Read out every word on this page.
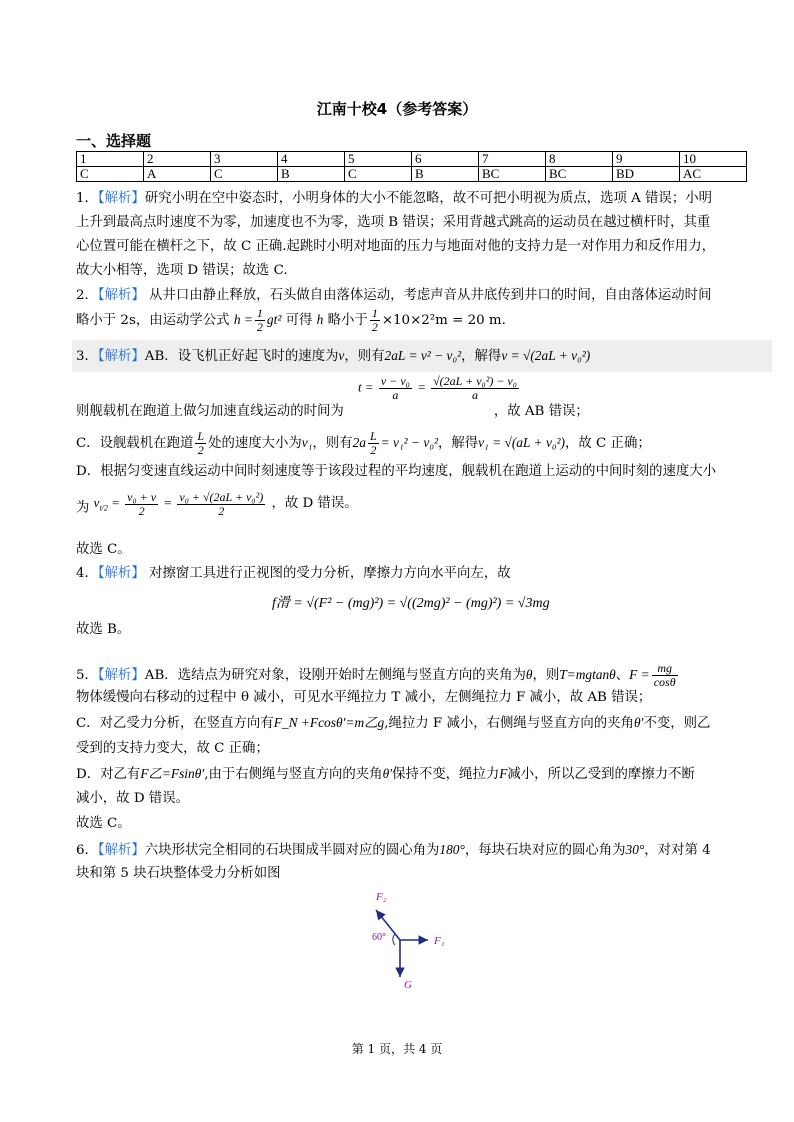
江南十校4（参考答案）
一、选择题
1	2	3	4	5	6	7	8	9	10
C	A	C	B	C	B	BC	BC	BD	AC
1．【解析】研究小明在空中姿态时，小明身体的大小不能忽略，故不可把小明视为质点，选项 A 错误；小明
上升到最高点时速度不为零，加速度也不为零，选项 B 错误；采用背越式跳高的运动员在越过横杆时，其重
心位置可能在横杆之下，故 C 正确.起跳时小明对地面的压力与地面对他的支持力是一对作用力和反作用力，
故大小相等，选项 D 错误；故选 C.
2．【解析】 从井口由静止释放，石头做自由落体运动，考虑声音从井底传到井口的时间，自由落体运动时间
略小于 2s，由运动学公式 $h = \frac{1}{2} gt^2$ 可得 h 略小于 $\frac{1}{2} \times 10\times 2^2m = 20$ m.
3．【解析】AB．设飞机正好起飞时的速度为v，则有2aL = v² − v₀²，解得v = √(2aL + v₀²)
$t = \frac{\text{v − v₀}}{a} = \frac{\text{√(2aL + v₀²) − v₀}}{a}$
则舰载机在跑道上做匀加速直线运动的时间为	，故 AB 错误；
C．设舰载机在跑道 $\frac{L}{2}$ 处的速度大小为v₁，则有$2a \frac{L}{2} = v_1^2 - v_0^2$，解得v₁ = √(aL + v₀²)，故 C 正确；
D．根据匀变速直线运动中间时刻速度等于该段过程的平均速度，舰载机在跑道上运动的中间时刻的速度大小
为 $v_{t/2} = \frac{\text{v₀ + v}}{2} = \frac{\text{v₀ + √(2aL + v₀²)}}{2}$ ，故 D 错误。
故选 C。
4．【解析】 对擦窗工具进行正视图的受力分析，摩擦力方向水平向左，故
f滑 = √(F² − (mg)²) = √((2mg)² − (mg)²) = √3mg
故选 B。
5．【解析】AB．选结点为研究对象，设刚开始时左侧绳与竖直方向的夹角为θ，则T=mgtanθ、$F = \frac{mg}{\cos\theta}$
物体缓慢向右移动的过程中 θ 减小，可见水平绳拉力 T 减小，左侧绳拉力 F 减小，故 AB 错误；
C．对乙受力分析，在竖直方向有F_N +Fcosθ′=m乙g,绳拉力 F 减小，右侧绳与竖直方向的夹角θ′不变，则乙
受到的支持力变大，故 C 正确；
D．对乙有F乙=Fsinθ′,由于右侧绳与竖直方向的夹角θ′保持不变，绳拉力F减小，所以乙受到的摩擦力不断
减小，故 D 错误。
故选 C。
6．【解析】六块形状完全相同的石块围成半圆对应的圆心角为180°，每块石块对应的圆心角为30°，对对第 4
块和第 5 块石块整体受力分析如图
F₂
F₁
G
60°
第 1 页，共 4 页
